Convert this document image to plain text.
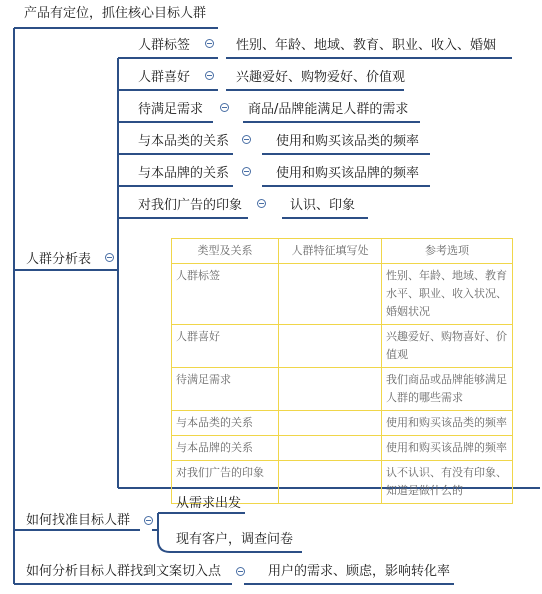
产品有定位，抓住核心目标人群
人群分析表
人群标签	性别、年龄、地域、教育、职业、收入、婚姻
人群喜好	兴趣爱好、购物爱好、价值观
待满足需求	商品/品牌能满足人群的需求
与本品类的关系	使用和购买该品类的频率
与本品牌的关系	使用和购买该品牌的频率
对我们广告的印象	认识、印象
类型及关系	人群特征填写处	参考选项
人群标签		性别、年龄、地域、教育水平、职业、收入状况、婚姻状况
人群喜好		兴趣爱好、购物喜好、价值观
待满足需求		我们商品或品牌能够满足人群的哪些需求
与本品类的关系		使用和购买该品类的频率
与本品牌的关系		使用和购买该品牌的频率
对我们广告的印象		认不认识、有没有印象、知道是做什么的
如何找准目标人群
从需求出发
现有客户，调查问卷
如何分析目标人群找到文案切入点	用户的需求、顾虑，影响转化率
